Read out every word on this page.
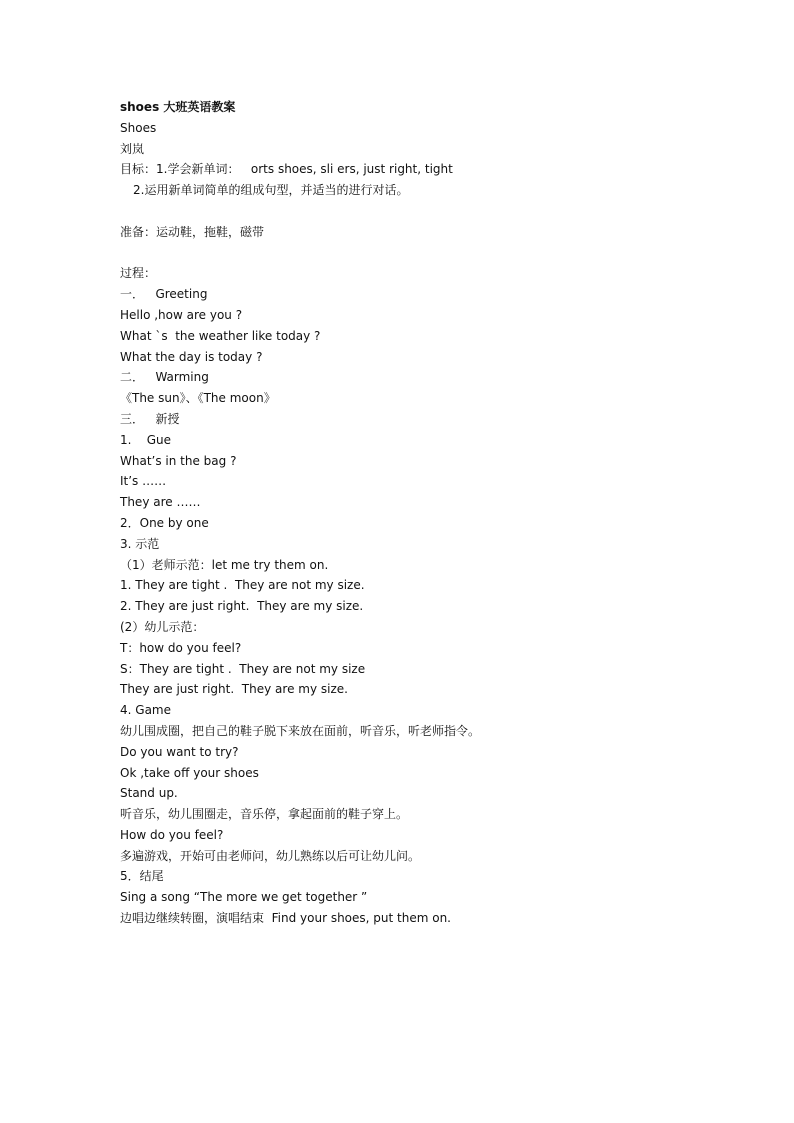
shoes 大班英语教案
Shoes
刘岚
目标：1.学会新单词：   orts shoes, sli ers, just right, tight
2.运用新单词简单的组成句型，并适当的进行对话。
准备：运动鞋，拖鞋，磁带
过程：
一．   Greeting
Hello ,how are you ?
What `s  the weather like today ?
What the day is today ?
二．   Warming
《The sun》、《The moon》
三．   新授
1.    Gue
What’s in the bag ?
It’s ……
They are ……
2．One by one
3. 示范
（1）老师示范：let me try them on.
1. They are tight .  They are not my size.
2. They are just right.  They are my size.
(2）幼儿示范：
T：how do you feel?
S：They are tight .  They are not my size
They are just right.  They are my size.
4. Game
幼儿围成圈，把自己的鞋子脱下来放在面前，听音乐，听老师指令。
Do you want to try?
Ok ,take off your shoes
Stand up.
听音乐，幼儿围圈走，音乐停，拿起面前的鞋子穿上。
How do you feel?
多遍游戏，开始可由老师问，幼儿熟练以后可让幼儿问。
5．结尾
Sing a song “The more we get together ”
边唱边继续转圈，演唱结束  Find your shoes, put them on.
